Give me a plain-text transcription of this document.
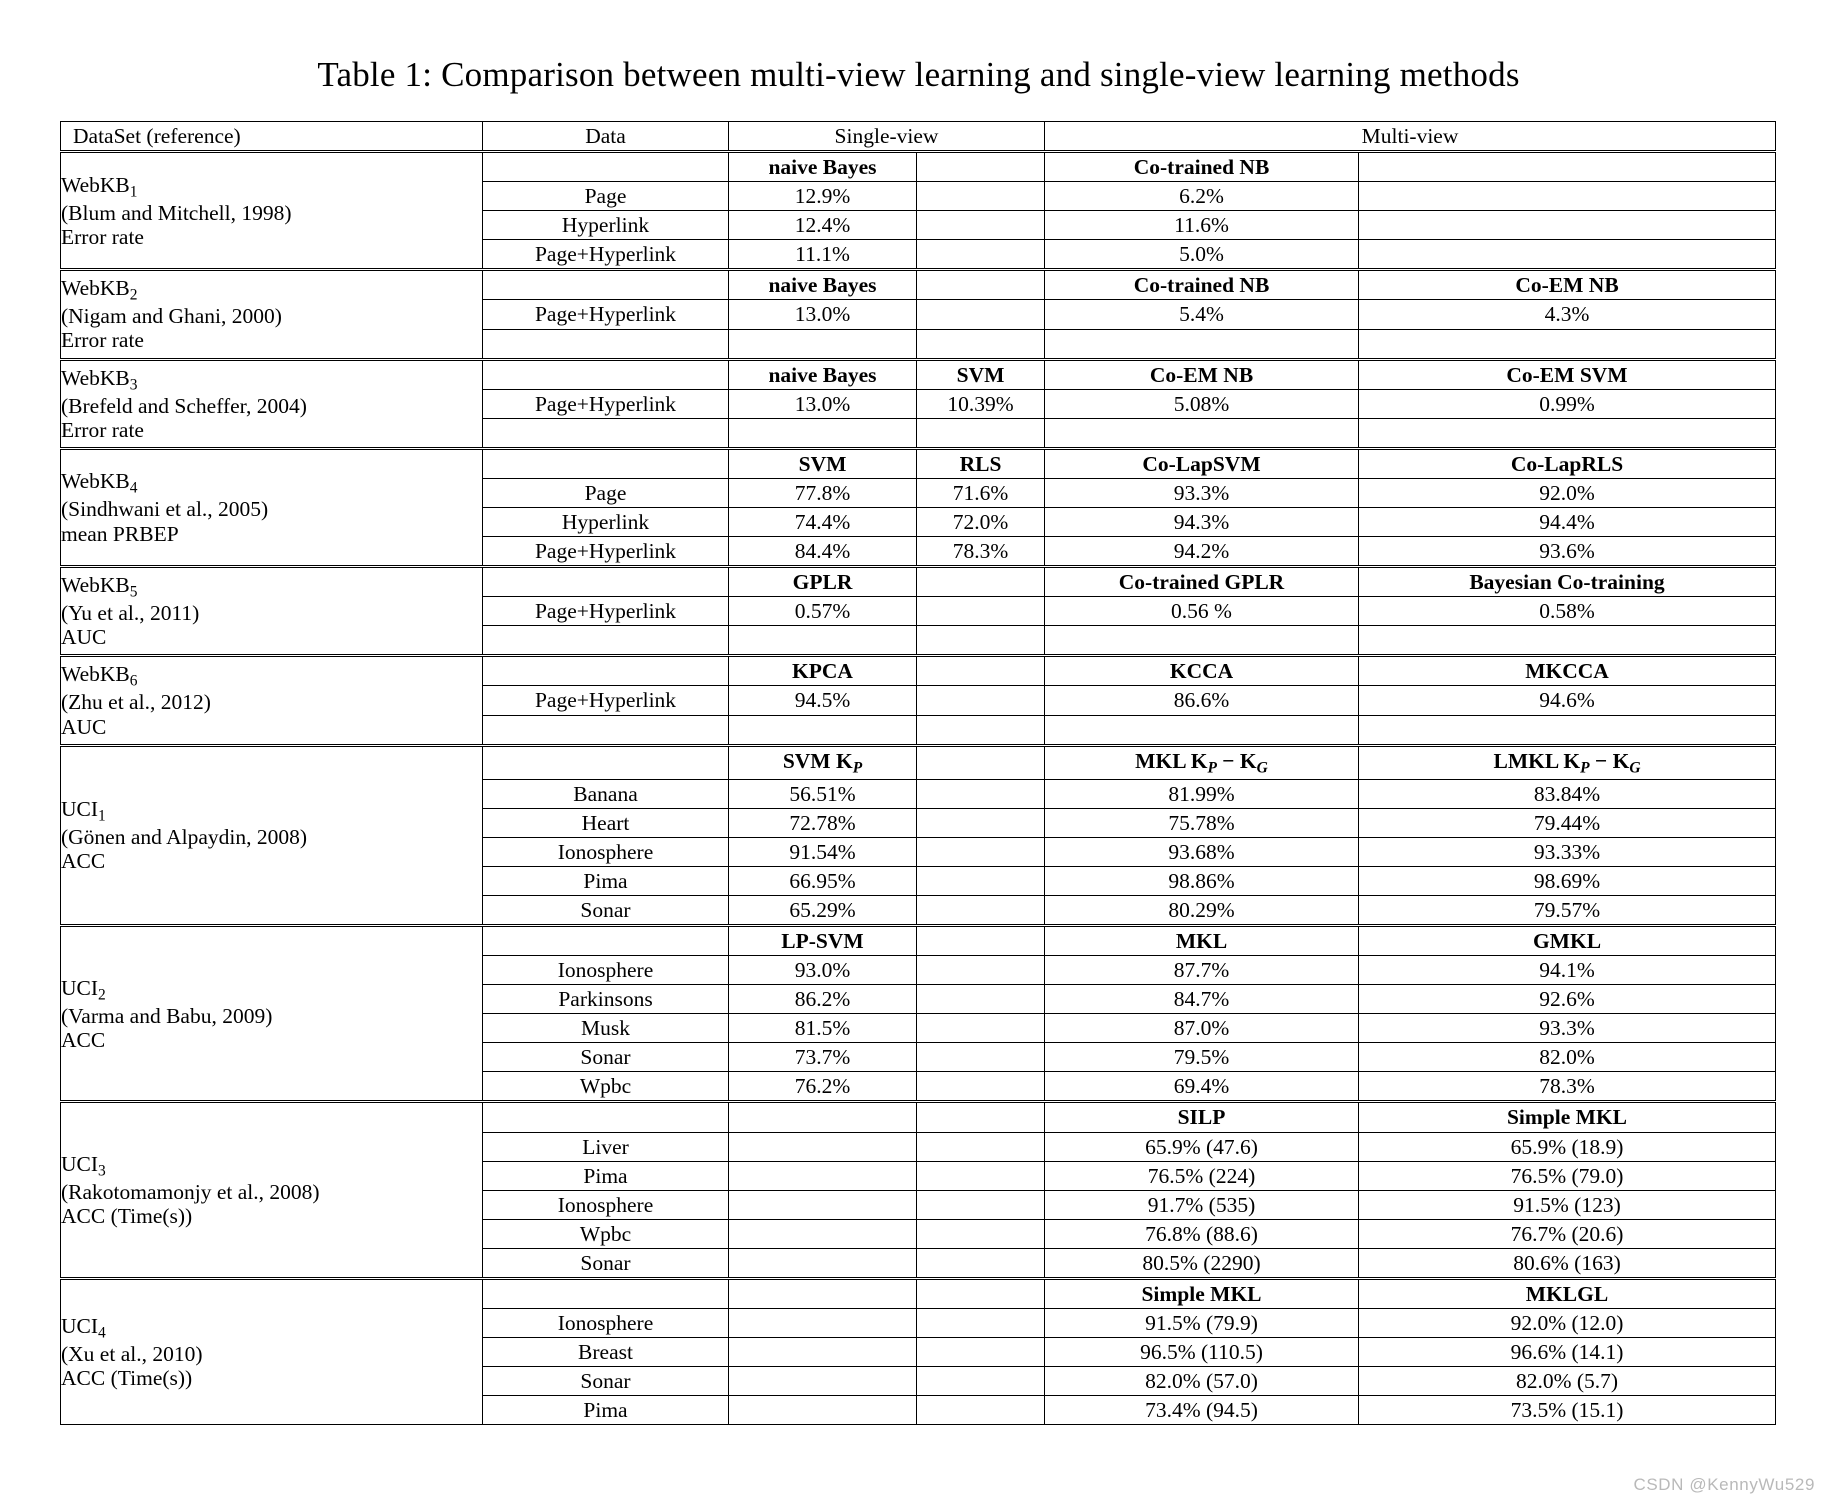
Table 1: Comparison between multi-view learning and single-view learning methods
DataSet (reference)	Data	Single-view		Multi-view	

WebKB$_1$
(Blum and Mitchell, 1998)
Error rate		naive Bayes		Co-trained NB	

	Page	12.9%		6.2%	

	Hyperlink	12.4%		11.6%	

	Page+Hyperlink	11.1%		5.0%	

WebKB$_2$
(Nigam and Ghani, 2000)
Error rate		naive Bayes		Co-trained NB	Co-EM NB

	Page+Hyperlink	13.0%		5.4%	4.3%

WebKB$_3$
(Brefeld and Scheffer, 2004)
Error rate		naive Bayes	SVM	Co-EM NB	Co-EM SVM

	Page+Hyperlink	13.0%	10.39%	5.08%	0.99%

WebKB$_4$
(Sindhwani et al., 2005)
mean PRBEP		SVM	RLS	Co-LapSVM	Co-LapRLS

	Page	77.8%	71.6%	93.3%	92.0%

	Hyperlink	74.4%	72.0%	94.3%	94.4%

	Page+Hyperlink	84.4%	78.3%	94.2%	93.6%

WebKB$_5$
(Yu et al., 2011)
AUC		GPLR		Co-trained GPLR	Bayesian Co-training

	Page+Hyperlink	0.57%		0.56 %	0.58%

WebKB$_6$
(Zhu et al., 2012)
AUC		KPCA		KCCA	MKCCA

	Page+Hyperlink	94.5%		86.6%	94.6%

$UCI_1$
(Gönen and Alpaydin, 2008)
ACC		SVM $K_P$		MKL $K_P - K_G$	LMKL $K_P - K_G$

	Banana	56.51%		81.99%	83.84%

	Heart	72.78%		75.78%	79.44%

	Ionosphere	91.54%		93.68%	93.33%

	Pima	66.95%		98.86%	98.69%

	Sonar	65.29%		80.29%	79.57%

$UCI_2$
(Varma and Babu, 2009)
ACC		LP-SVM		MKL	GMKL

	Ionosphere	93.0%		87.7%	94.1%

	Parkinsons	86.2%		84.7%	92.6%

	Musk	81.5%		87.0%	93.3%

	Sonar	73.7%		79.5%	82.0%

	Wpbc	76.2%		69.4%	78.3%

$UCI_3$
(Rakotomamonjy et al., 2008)
ACC (Time(s))				SILP	Simple MKL

	Liver			65.9% (47.6)	65.9% (18.9)

	Pima			76.5% (224)	76.5% (79.0)

	Ionosphere			91.7% (535)	91.5% (123)

	Wpbc			76.8% (88.6)	76.7% (20.6)

	Sonar			80.5% (2290)	80.6% (163)

$UCI_4$
(Xu et al., 2010)
ACC (Time(s))				Simple MKL	MKLGL

	Ionosphere			91.5% (79.9)	92.0% (12.0)

	Breast			96.5% (110.5)	96.6% (14.1)

	Sonar			82.0% (57.0)	82.0% (5.7)

	Pima			73.4% (94.5)	73.5% (15.1)
CSDN @KennyWu529
